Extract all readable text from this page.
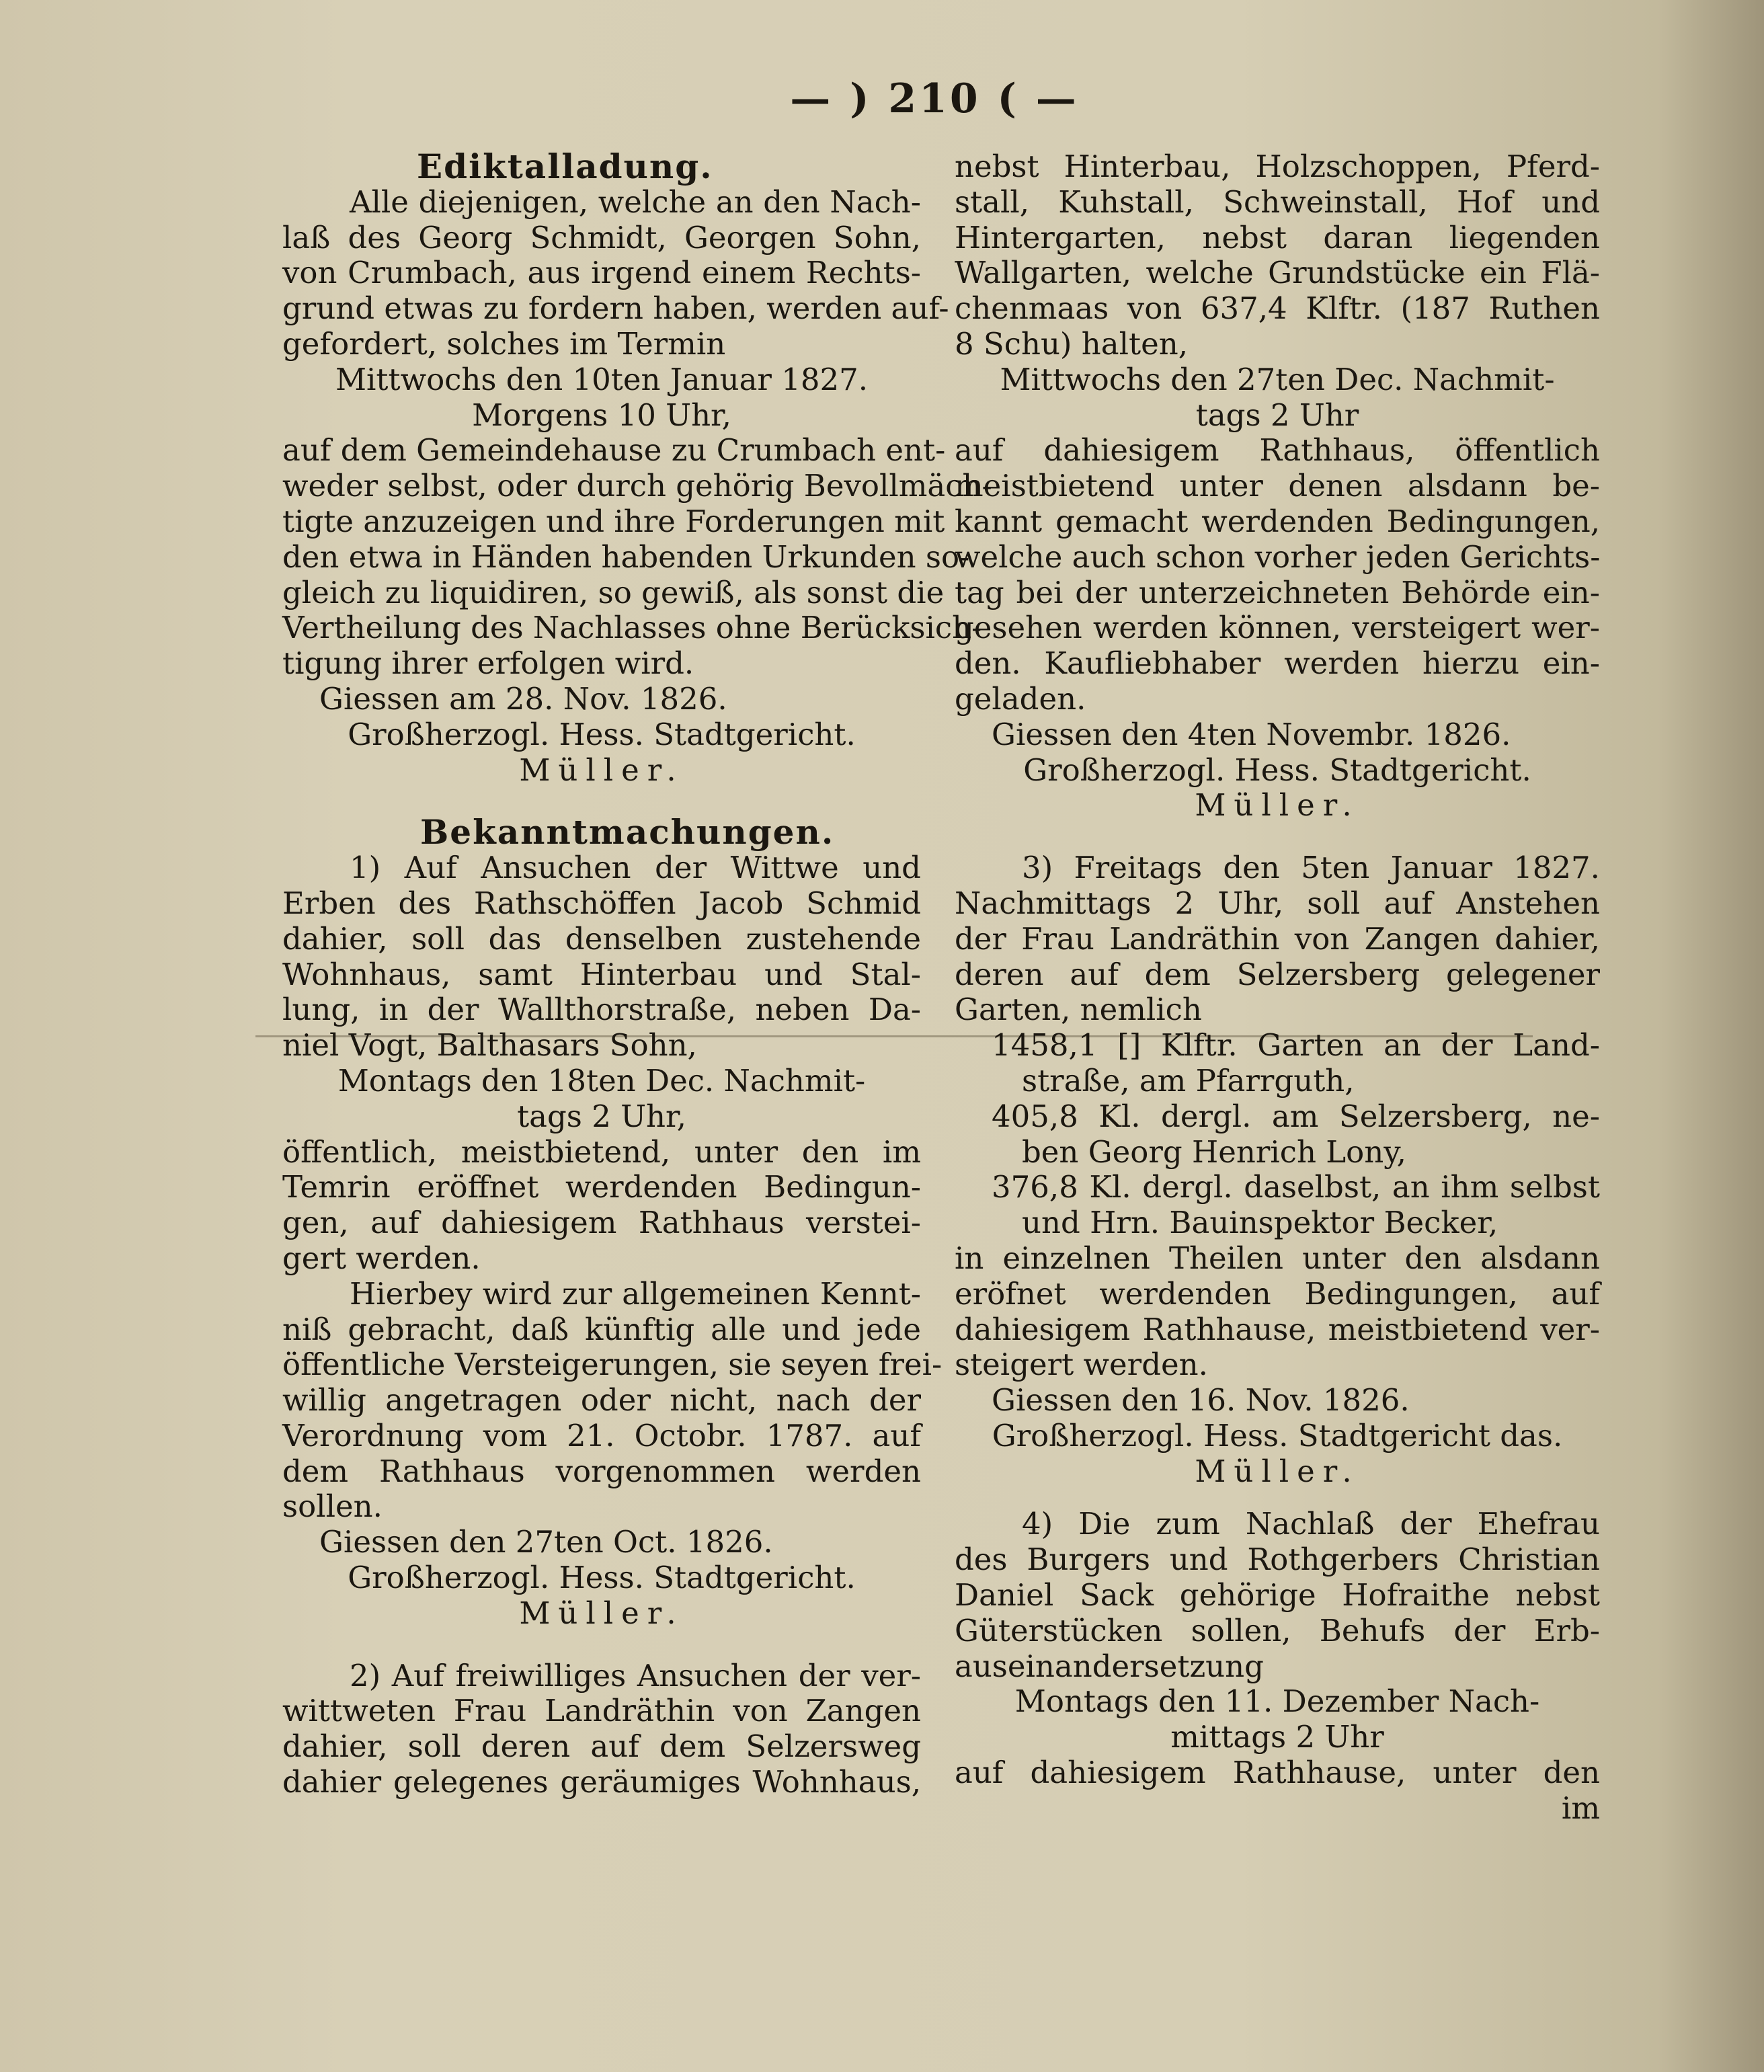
— ) 210 ( —
Ediktalladung.
Alle diejenigen, welche an den Nach-
laß des Georg Schmidt, Georgen Sohn,
von Crumbach, aus irgend einem Rechts-
grund etwas zu fordern haben, werden auf-
gefordert, solches im Termin
Mittwochs den 10ten Januar 1827.
Morgens 10 Uhr,
auf dem Gemeindehause zu Crumbach ent-
weder selbst, oder durch gehörig Bevollmäch-
tigte anzuzeigen und ihre Forderungen mit
den etwa in Händen habenden Urkunden so-
gleich zu liquidiren, so gewiß, als sonst die
Vertheilung des Nachlasses ohne Berücksich-
tigung ihrer erfolgen wird.
Giessen am 28. Nov. 1826.
Großherzogl. Hess. Stadtgericht.
Müller.
Bekanntmachungen.
1) Auf Ansuchen der Wittwe und
Erben des Rathschöffen Jacob Schmid
dahier, soll das denselben zustehende
Wohnhaus, samt Hinterbau und Stal-
lung, in der Wallthorstraße, neben Da-
niel Vogt, Balthasars Sohn,
Montags den 18ten Dec. Nachmit-
tags 2 Uhr,
öffentlich, meistbietend, unter den im
Temrin eröffnet werdenden Bedingun-
gen, auf dahiesigem Rathhaus verstei-
gert werden.
Hierbey wird zur allgemeinen Kennt-
niß gebracht, daß künftig alle und jede
öffentliche Versteigerungen, sie seyen frei-
willig angetragen oder nicht, nach der
Verordnung vom 21. Octobr. 1787. auf
dem Rathhaus vorgenommen werden
sollen.
Giessen den 27ten Oct. 1826.
Großherzogl. Hess. Stadtgericht.
Müller.
2) Auf freiwilliges Ansuchen der ver-
wittweten Frau Landräthin von Zangen
dahier, soll deren auf dem Selzersweg
dahier gelegenes geräumiges Wohnhaus,
nebst Hinterbau, Holzschoppen, Pferd-
stall, Kuhstall, Schweinstall, Hof und
Hintergarten, nebst daran liegenden
Wallgarten, welche Grundstücke ein Flä-
chenmaas von 637,4 Klftr. (187 Ruthen
8 Schu) halten,
Mittwochs den 27ten Dec. Nachmit-
tags 2 Uhr
auf dahiesigem Rathhaus, öffentlich
meistbietend unter denen alsdann be-
kannt gemacht werdenden Bedingungen,
welche auch schon vorher jeden Gerichts-
tag bei der unterzeichneten Behörde ein-
gesehen werden können, versteigert wer-
den. Kaufliebhaber werden hierzu ein-
geladen.
Giessen den 4ten Novembr. 1826.
Großherzogl. Hess. Stadtgericht.
Müller.
3) Freitags den 5ten Januar 1827.
Nachmittags 2 Uhr, soll auf Anstehen
der Frau Landräthin von Zangen dahier,
deren auf dem Selzersberg gelegener
Garten, nemlich
1458,1 [] Klftr. Garten an der Land-
straße, am Pfarrguth,
405,8 Kl. dergl. am Selzersberg, ne-
ben Georg Henrich Lony,
376,8 Kl. dergl. daselbst, an ihm selbst
und Hrn. Bauinspektor Becker,
in einzelnen Theilen unter den alsdann
eröfnet werdenden Bedingungen, auf
dahiesigem Rathhause, meistbietend ver-
steigert werden.
Giessen den 16. Nov. 1826.
Großherzogl. Hess. Stadtgericht das.
Müller.
4) Die zum Nachlaß der Ehefrau
des Burgers und Rothgerbers Christian
Daniel Sack gehörige Hofraithe nebst
Güterstücken sollen, Behufs der Erb-
auseinandersetzung
Montags den 11. Dezember Nach-
mittags 2 Uhr
auf dahiesigem Rathhause, unter den
im
